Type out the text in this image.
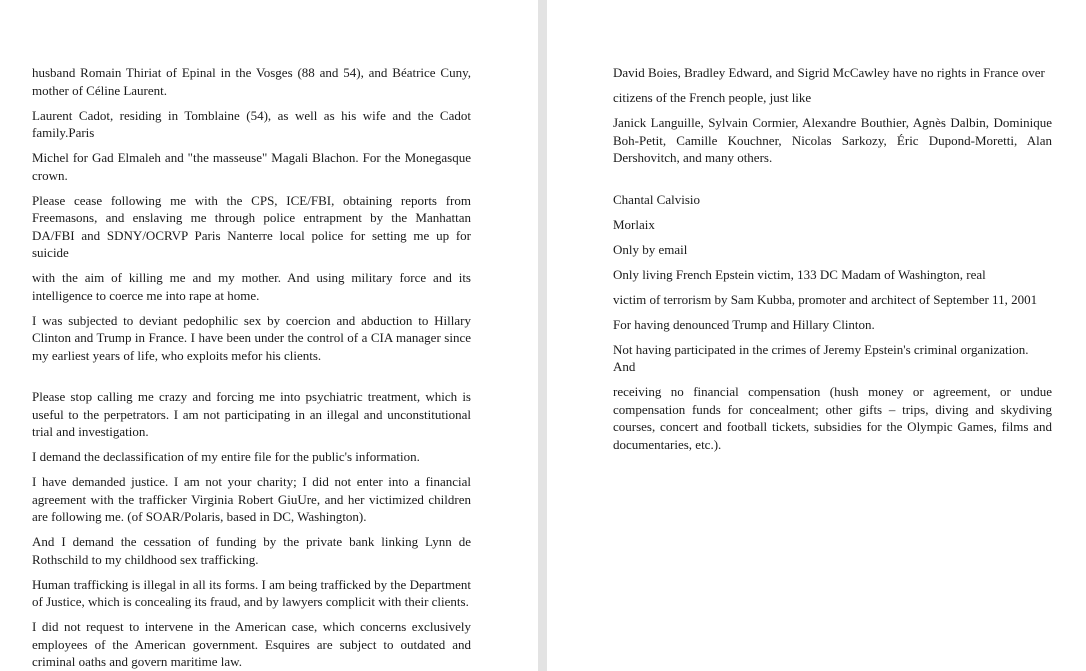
husband Romain Thiriat of Epinal in the Vosges (88 and 54), and Béatrice Cuny, mother of Céline Laurent.

Laurent Cadot, residing in Tomblaine (54), as well as his wife and the Cadot family.Paris

Michel for Gad Elmaleh and "the masseuse" Magali Blachon. For the Monegasque crown.

Please cease following me with the CPS, ICE/FBI, obtaining reports from Freemasons, and enslaving me through police entrapment by the Manhattan DA/FBI and SDNY/OCRVP Paris Nanterre local police for setting me up for suicide

with the aim of killing me and my mother. And using military force and its intelligence to coerce me into rape at home.

I was subjected to deviant pedophilic sex by coercion and abduction to Hillary Clinton and Trump in France. I have been under the control of a CIA manager since my earliest years of life, who exploits mefor his clients.

Please stop calling me crazy and forcing me into psychiatric treatment, which is useful to the perpetrators. I am not participating in an illegal and unconstitutional trial and investigation.

I demand the declassification of my entire file for the public's information.

I have demanded justice. I am not your charity; I did not enter into a financial agreement with the trafficker Virginia Robert GiuUre, and her victimized children are following me. (of SOAR/Polaris, based in DC, Washington).

And I demand the cessation of funding by the private bank linking Lynn de Rothschild to my childhood sex trafficking.

Human trafficking is illegal in all its forms. I am being trafficked by the Department of Justice, which is concealing its fraud, and by lawyers complicit with their clients.

I did not request to intervene in the American case, which concerns exclusively employees of the American government. Esquires are subject to outdated and criminal oaths and govern maritime law.

David Boies, Bradley Edward, and Sigrid McCawley have no rights in France over

citizens of the French people, just like

Janick Languille, Sylvain Cormier, Alexandre Bouthier, Agnès Dalbin, Dominique Boh-Petit, Camille Kouchner, Nicolas Sarkozy, Éric Dupond-Moretti, Alan Dershovitch, and many others.

Chantal Calvisio

Morlaix

Only by email

Only living French Epstein victim, 133 DC Madam of Washington, real

victim of terrorism by Sam Kubba, promoter and architect of September 11, 2001

For having denounced Trump and Hillary Clinton.

Not having participated in the crimes of Jeremy Epstein's criminal organization. And

receiving no financial compensation (hush money or agreement, or undue compensation funds for concealment; other gifts – trips, diving and skydiving courses, concert and football tickets, subsidies for the Olympic Games, films and documentaries, etc.).
